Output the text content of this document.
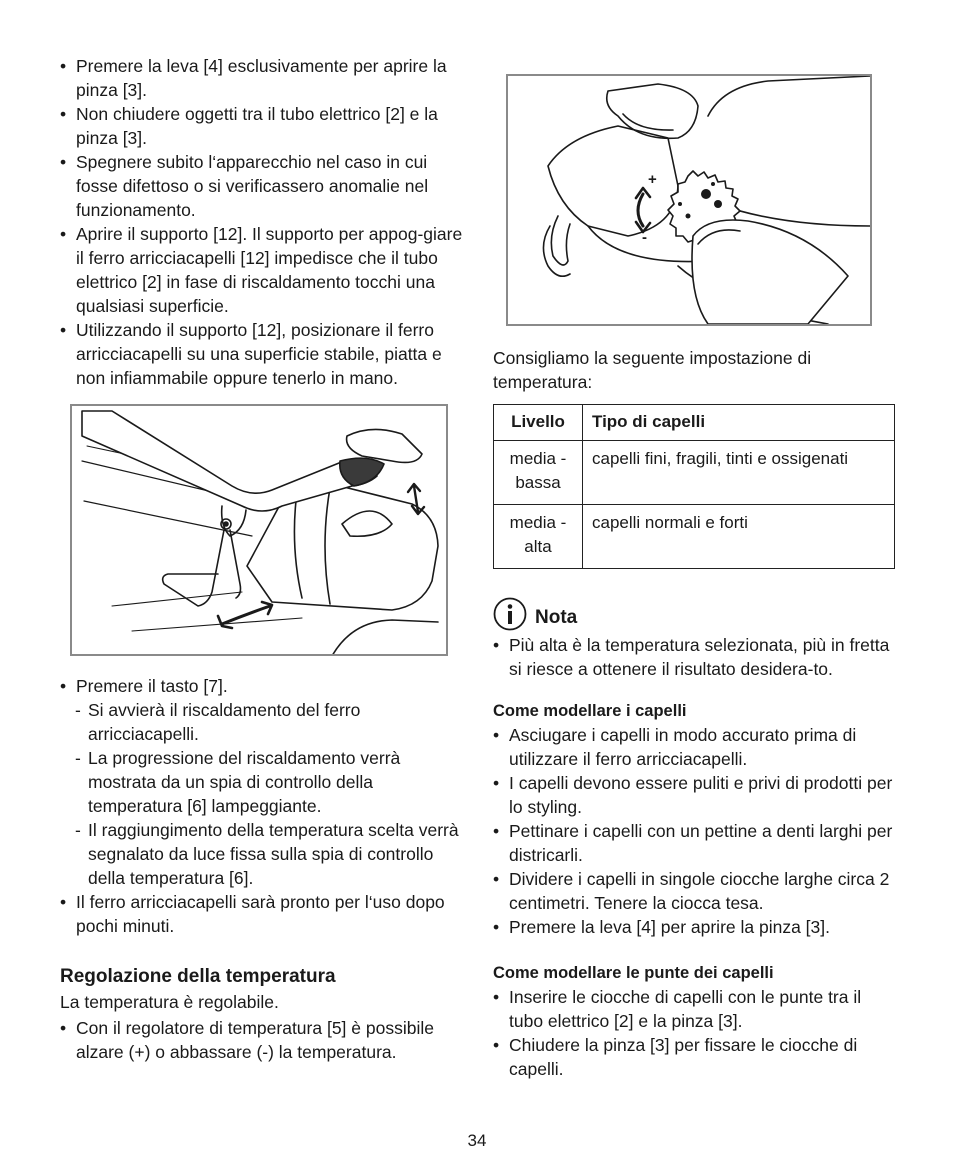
• Premere la leva [4] esclusivamente per aprire la pinza [3].
• Non chiudere oggetti tra il tubo elettrico [2] e la pinza [3].
• Spegnere subito l‘apparecchio nel caso in cui fosse difettoso o si verificassero anomalie nel funzionamento.
• Aprire il supporto [12]. Il supporto per appog-giare il ferro arricciacapelli [12] impedisce che il tubo elettrico [2] in fase di riscaldamento tocchi una qualsiasi superficie.
• Utilizzando il supporto [12], posizionare il ferro arricciacapelli su una superficie stabile, piatta e non infiammabile oppure tenerlo in mano.
• Premere il tasto [7].
- Si avvierà il riscaldamento del ferro arricciacapelli.
- La progressione del riscaldamento verrà mostrata da un spia di controllo della temperatura [6] lampeggiante.
- Il raggiungimento della temperatura scelta verrà segnalato da luce fissa sulla spia di controllo della temperatura [6].
• Il ferro arricciacapelli sarà pronto per l‘uso dopo pochi minuti.
Regolazione della temperatura

La temperatura è regolabile.

• Con il regolatore di temperatura [5] è possibile alzare (+) o abbassare (-) la temperatura.
+
-

Consigliamo la seguente impostazione di temperatura:

Livello	Tipo di capelli
media - bassa	capelli fini, fragili, tinti e ossigenati
media - alta	capelli normali e forti
Nota
• Più alta è la temperatura selezionata, più in fretta si riesce a ottenere il risultato desidera-to.
Come modellare i capelli
• Asciugare i capelli in modo accurato prima di utilizzare il ferro arricciacapelli.
• I capelli devono essere puliti e privi di prodotti per lo styling.
• Pettinare i capelli con un pettine a denti larghi per districarli.
• Dividere i capelli in singole ciocche larghe circa 2 centimetri. Tenere la ciocca tesa.
• Premere la leva [4] per aprire la pinza [3].
Come modellare le punte dei capelli
• Inserire le ciocche di capelli con le punte tra il tubo elettrico [2] e la pinza [3].
• Chiudere la pinza [3] per fissare le ciocche di capelli.
34
